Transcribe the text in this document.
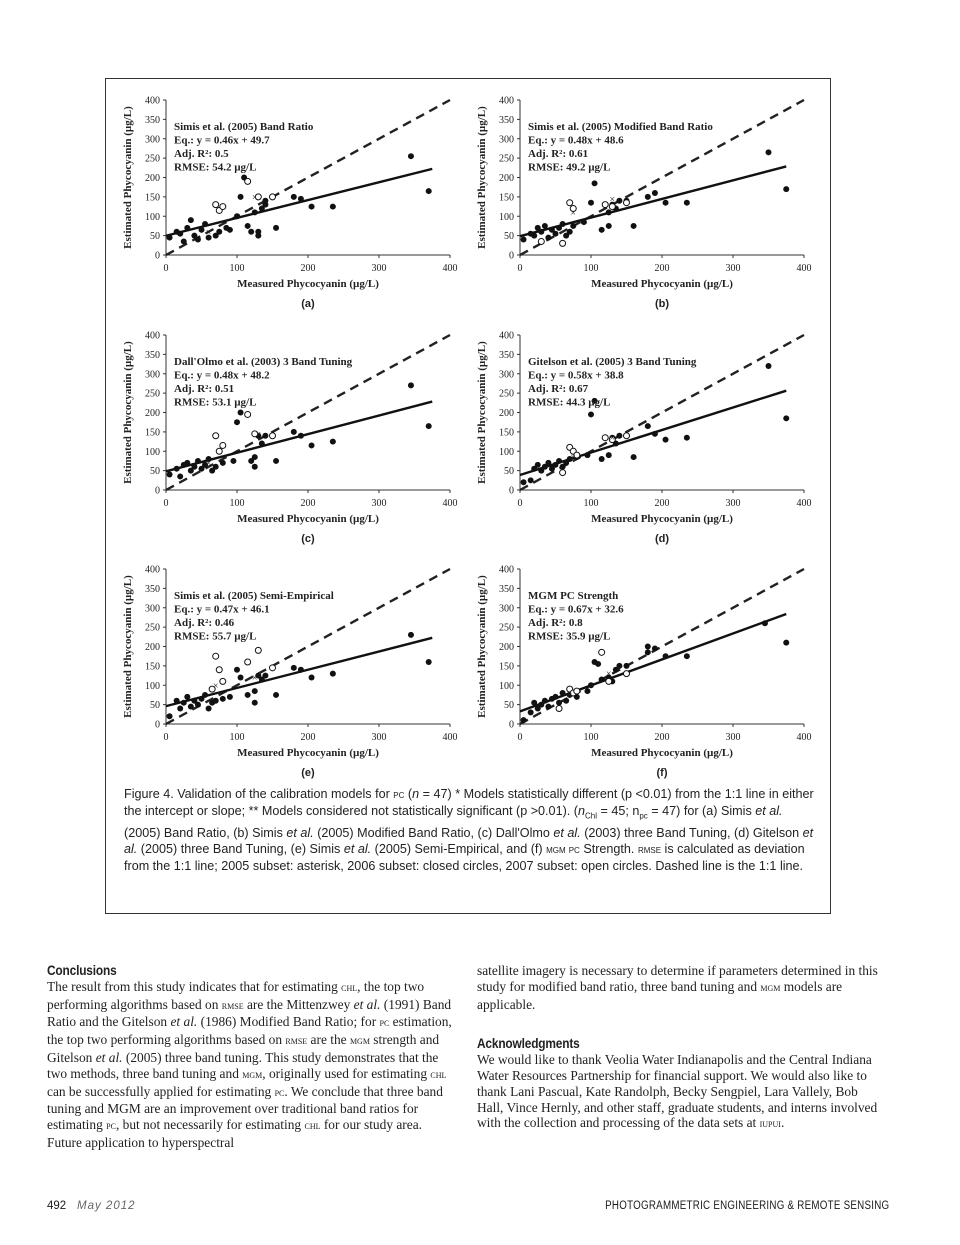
0
50
100
150
200
250
300
350
400
0	100	200	300	400
Measured Phycocyanin (µg/L)
Estimated Phycocyanin (µg/L)
(a)
×
×
Simis et al. (2005) Band Ratio
Eq.: y = 0.46x + 49.7
Adj. R²: 0.5
RMSE: 54.2 µg/L
0
50
100
150
200
250
300
350
400
0	100	200	300	400
Measured Phycocyanin (µg/L)
Estimated Phycocyanin (µg/L)
(b)
×
×
Simis et al. (2005) Modified Band Ratio
Eq.: y = 0.48x + 48.6
Adj. R²: 0.61
RMSE: 49.2 µg/L
0
50
100
150
200
250
300
350
400
0	100	200	300	400
Measured Phycocyanin (µg/L)
Estimated Phycocyanin (µg/L)
(c)
×
×
Dall'Olmo et al. (2003) 3 Band Tuning
Eq.: y = 0.48x + 48.2
Adj. R²: 0.51
RMSE: 53.1 µg/L
0
50
100
150
200
250
300
350
400
0	100	200	300	400
Measured Phycocyanin (µg/L)
Estimated Phycocyanin (µg/L)
(d)
×
×
Gitelson et al. (2005) 3 Band Tuning
Eq.: y = 0.58x + 38.8
Adj. R²: 0.67
RMSE: 44.3 µg/L
0
50
100
150
200
250
300
350
400
0	100	200	300	400
Measured Phycocyanin (µg/L)
Estimated Phycocyanin (µg/L)
(e)
×
×
Simis et al. (2005) Semi-Empirical
Eq.: y = 0.47x + 46.1
Adj. R²: 0.46
RMSE: 55.7 µg/L
0
50
100
150
200
250
300
350
400
0	100	200	300	400
Measured Phycocyanin (µg/L)
Estimated Phycocyanin (µg/L)
(f)
×
×
MGM PC Strength
Eq.: y = 0.67x + 32.6
Adj. R²: 0.8
RMSE: 35.9 µg/L
Figure 4. Validation of the calibration models for pc (n = 47) * Models statistically different (p <0.01) from the 1:1 line in either the intercept or slope; ** Models considered not statistically significant (p >0.01). ($n_{Chl} = 45$; $n_{pc} = 47$) for (a) Simis et al. (2005) Band Ratio, (b) Simis et al. (2005) Modified Band Ratio, (c) Dall'Olmo et al. (2003) three Band Tuning, (d) Gitelson et al. (2005) three Band Tuning, (e) Simis et al. (2005) Semi-Empirical, and (f) mgm pc Strength. rmse is calculated as deviation from the 1:1 line; 2005 subset: asterisk, 2006 subset: closed circles, 2007 subset: open circles. Dashed line is the 1:1 line.
Conclusions

The result from this study indicates that for estimating chl, the top two performing algorithms based on rmse are the Mittenzwey et al. (1991) Band Ratio and the Gitelson et al. (1986) Modified Band Ratio; for pc estimation, the top two performing algorithms based on rmse are the mgm strength and Gitelson et al. (2005) three band tuning. This study demonstrates that the two methods, three band tuning and mgm, originally used for estimating chl can be successfully applied for estimating pc. We conclude that three band tuning and MGM are an improvement over traditional band ratios for estimating pc, but not necessarily for estimating chl for our study area. Future application to hyperspectral

satellite imagery is necessary to determine if parameters determined in this study for modified band ratio, three band tuning and mgm models are applicable.

Acknowledgments

We would like to thank Veolia Water Indianapolis and the Central Indiana Water Resources Partnership for financial support. We would also like to thank Lani Pascual, Kate Randolph, Becky Sengpiel, Lara Vallely, Bob Hall, Vince Hernly, and other staff, graduate students, and interns involved with the collection and processing of the data sets at iupui.

492 May 2012	PHOTOGRAMMETRIC ENGINEERING & REMOTE SENSING
